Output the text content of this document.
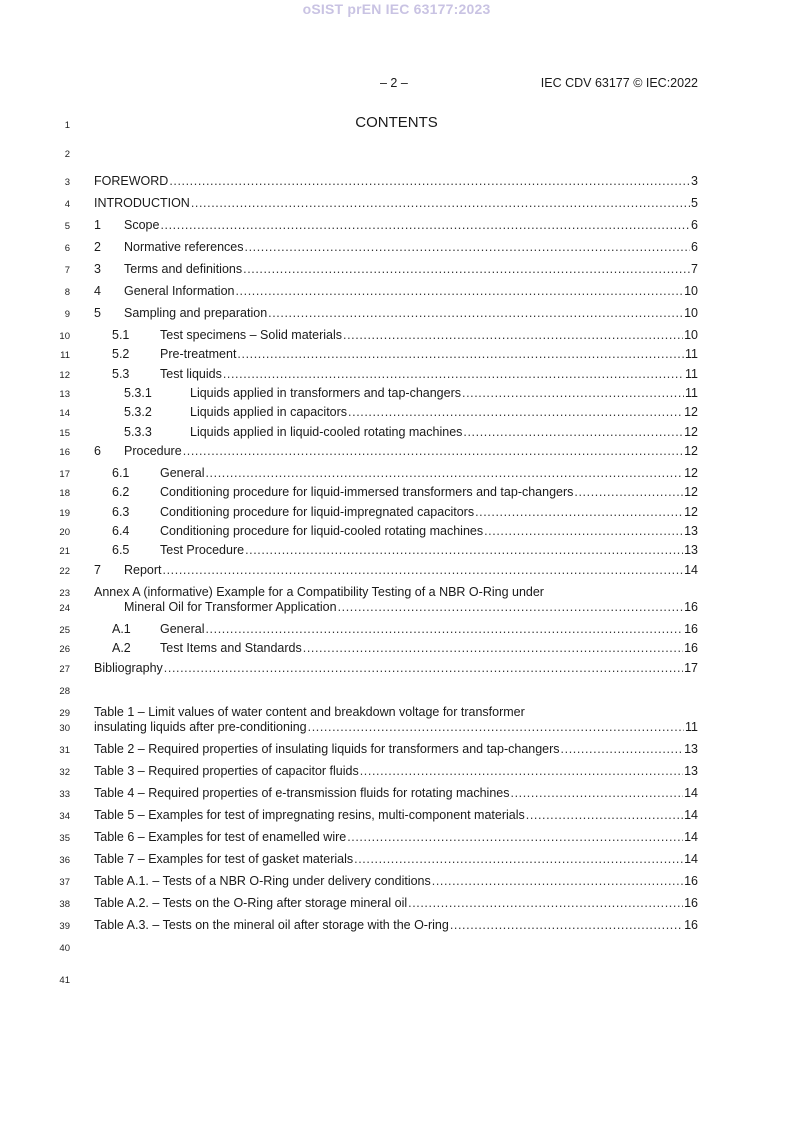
oSIST prEN IEC 63177:2023
– 2 –	IEC CDV 63177 © IEC:2022
CONTENTS
1
2
3
4
5
6
7
8
9
10
11
12
13
14
15
16
17
18
19
20
21
22
23
24
25
26
27
28
29
30
31
32
33
34
35
36
37
38
39
40
41
FOREWORD .....	3
INTRODUCTION .....	5
1	Scope .....	6
2	Normative references .....	6
3	Terms and definitions .....	7
4	General Information .....	10
5	Sampling and preparation .....	10
5.1	Test specimens – Solid materials .....	10
5.2	Pre-treatment .....	11
5.3	Test liquids .....	11
5.3.1	Liquids applied in transformers and tap-changers .....	11
5.3.2	Liquids applied in capacitors .....	12
5.3.3	Liquids applied in liquid-cooled rotating machines .....	12
6	Procedure .....	12
6.1	General .....	12
6.2	Conditioning procedure for liquid-immersed transformers and tap-changers .....	12
6.3	Conditioning procedure for liquid-impregnated capacitors .....	12
6.4	Conditioning procedure for liquid-cooled rotating machines .....	13
6.5	Test Procedure .....	13
7	Report .....	14
Annex A (informative) Example for a Compatibility Testing of a NBR O-Ring under
Mineral Oil for Transformer Application .....	16
A.1	General .....	16
A.2	Test Items and Standards .....	16
Bibliography .....	17
Table 1 – Limit values of water content and breakdown voltage for transformer
insulating liquids after pre-conditioning .....	11
Table 2 – Required properties of insulating liquids for transformers and tap-changers .....	13
Table 3 – Required properties of capacitor fluids .....	13
Table 4 – Required properties of e-transmission fluids for rotating machines .....	14
Table 5 – Examples for test of impregnating resins, multi-component materials .....	14
Table 6 – Examples for test of enamelled wire .....	14
Table 7 – Examples for test of gasket materials .....	14
Table A.1. – Tests of a NBR O-Ring under delivery conditions .....	16
Table A.2. – Tests on the O-Ring after storage mineral oil .....	16
Table A.3. – Tests on the mineral oil after storage with the O-ring .....	16
